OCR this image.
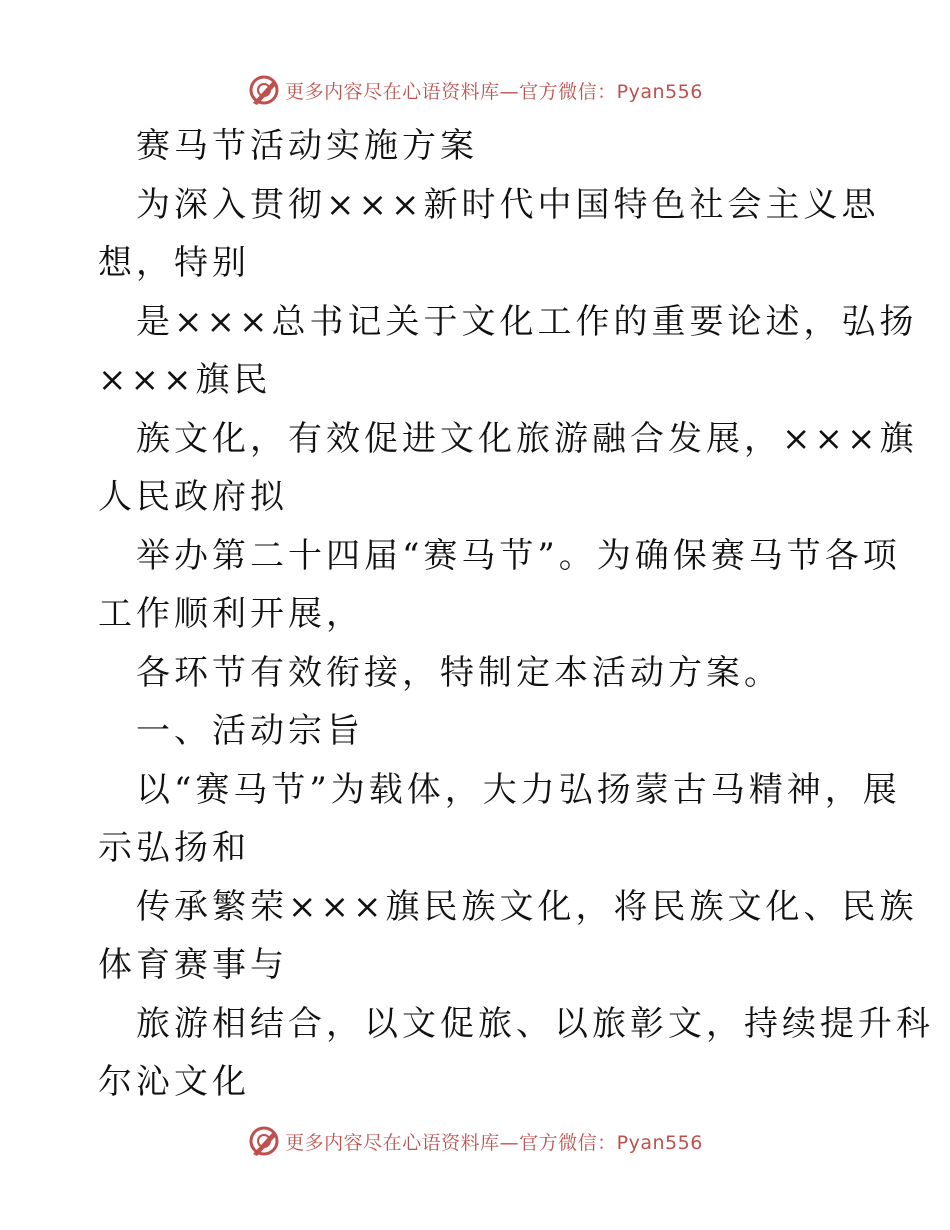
更多内容尽在心语资料库—官方微信：Pyan556
赛马节活动实施方案
为深入贯彻×××新时代中国特色社会主义思
想，特别
是×××总书记关于文化工作的重要论述，弘扬
×××旗民
族文化，有效促进文化旅游融合发展，×××旗
人民政府拟
举办第二十四届“赛马节”。为确保赛马节各项
工作顺利开展，
各环节有效衔接，特制定本活动方案。
一、活动宗旨
以“赛马节”为载体，大力弘扬蒙古马精神，展
示弘扬和
传承繁荣×××旗民族文化，将民族文化、民族
体育赛事与
旅游相结合，以文促旅、以旅彰文，持续提升科
尔沁文化
更多内容尽在心语资料库—官方微信：Pyan556
